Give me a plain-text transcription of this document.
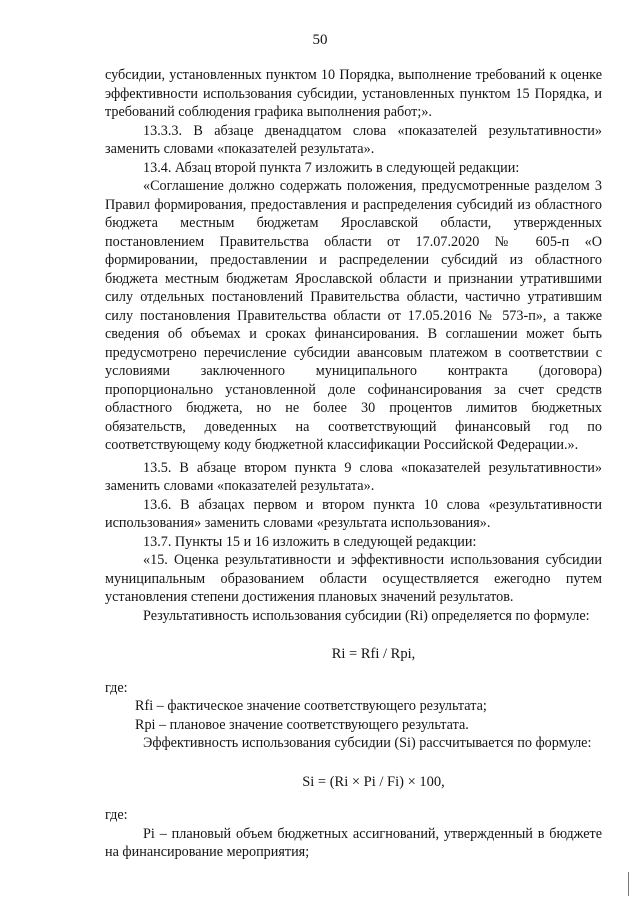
50

субсидии, установленных пунктом 10 Порядка, выполнение требований к оценке эффективности использования субсидии, установленных пунктом 15 Порядка, и требований соблюдения графика выполнения работ;».

13.3.3. В абзаце двенадцатом слова «показателей результативности» заменить словами «показателей результата».

13.4. Абзац второй пункта 7 изложить в следующей редакции:

«Соглашение должно содержать положения, предусмотренные разделом 3 Правил формирования, предоставления и распределения субсидий из областного бюджета местным бюджетам Ярославской области, утвержденных постановлением Правительства области от 17.07.2020 № 605-п «О формировании, предоставлении и распределении субсидий из областного бюджета местным бюджетам Ярославской области и признании утратившими силу отдельных постановлений Правительства области, частично утратившим силу постановления Правительства области от 17.05.2016 № 573-п», а также сведения об объемах и сроках финансирования. В соглашении может быть предусмотрено перечисление субсидии авансовым платежом в соответствии с условиями заключенного муниципального контракта (договора) пропорционально установленной доле софинансирования за счет средств областного бюджета, но не более 30 процентов лимитов бюджетных обязательств, доведенных на соответствующий финансовый год по соответствующему коду бюджетной классификации Российской Федерации.».

13.5. В абзаце втором пункта 9 слова «показателей результативности» заменить словами «показателей результата».

13.6. В абзацах первом и втором пункта 10 слова «результативности использования» заменить словами «результата использования».

13.7. Пункты 15 и 16 изложить в следующей редакции:

«15. Оценка результативности и эффективности использования субсидии муниципальным образованием области осуществляется ежегодно путем установления степени достижения плановых значений результатов.

Результативность использования субсидии (Ri) определяется по формуле:

Ri = Rfi / Rpi,

где:

Rfi – фактическое значение соответствующего результата;

Rpi – плановое значение соответствующего результата.

Эффективность использования субсидии (Si) рассчитывается по формуле:

Si = (Ri × Pi / Fi) × 100,

где:

Pi – плановый объем бюджетных ассигнований, утвержденный в бюджете на финансирование мероприятия;
